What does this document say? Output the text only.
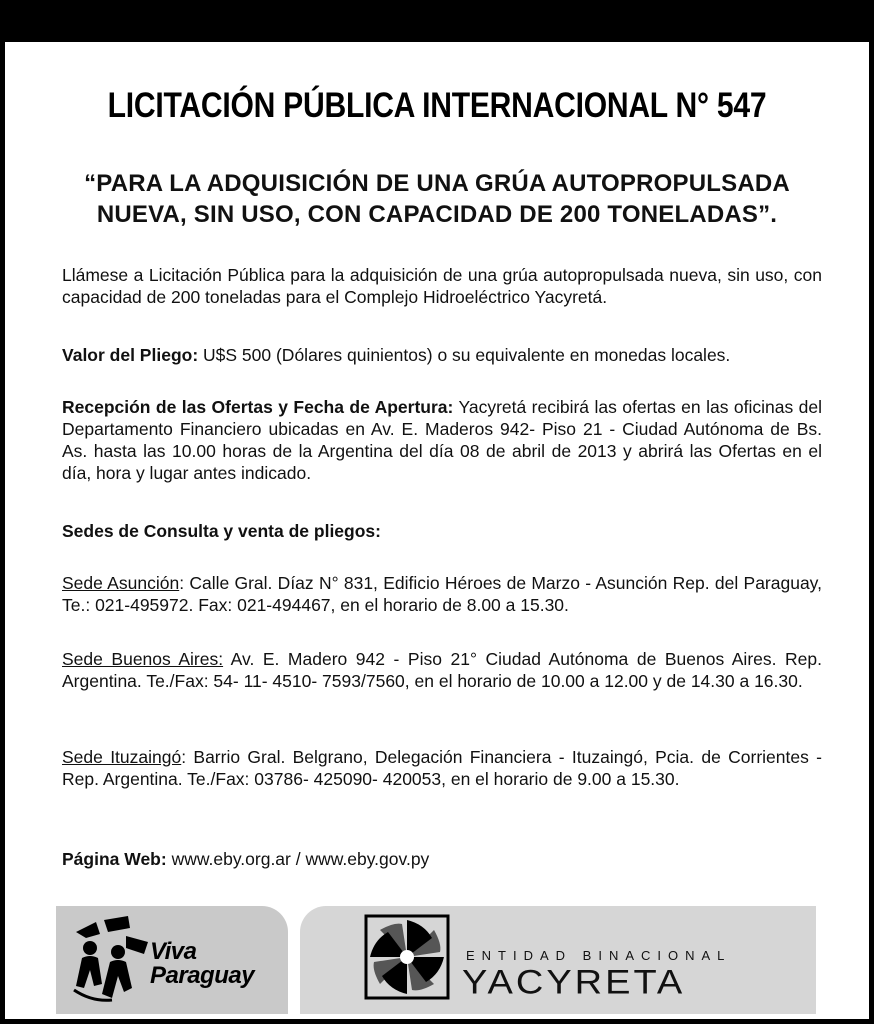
LICITACIÓN PÚBLICA INTERNACIONAL N° 547
“PARA LA ADQUISICIÓN DE UNA GRÚA AUTOPROPULSADA
NUEVA, SIN USO, CON CAPACIDAD DE 200 TONELADAS”.
Llámese a Licitación Pública para la adquisición de una grúa autopropulsada nueva, sin uso, con capacidad de 200 toneladas para el Complejo Hidroeléctrico Yacyretá.
Valor del Pliego: U$S 500 (Dólares quinientos) o su equivalente en monedas locales.
Recepción de las Ofertas y Fecha de Apertura: Yacyretá recibirá las ofertas en las oficinas del Departamento Financiero ubicadas en Av. E. Maderos 942- Piso 21 - Ciudad Autónoma de Bs. As. hasta las 10.00 horas de la Argentina del día 08 de abril de 2013 y abrirá las Ofertas en el día, hora y lugar antes indicado.
Sedes de Consulta y venta de pliegos:
Sede Asunción: Calle Gral. Díaz N° 831, Edificio Héroes de Marzo - Asunción Rep. del Paraguay, Te.: 021-495972. Fax: 021-494467, en el horario de 8.00 a 15.30.
Sede Buenos Aires: Av. E. Madero 942 - Piso 21° Ciudad Autónoma de Buenos Aires. Rep. Argentina. Te./Fax: 54- 11- 4510- 7593/7560, en el horario de 10.00 a 12.00 y de 14.30 a 16.30.
Sede Ituzaingó: Barrio Gral. Belgrano, Delegación Financiera - Ituzaingó, Pcia. de Corrientes - Rep. Argentina. Te./Fax: 03786- 425090- 420053, en el horario de 9.00 a 15.30.
Página Web: www.eby.org.ar / www.eby.gov.py
Viva
Paraguay
ENTIDAD BINACIONAL
YACYRETA
